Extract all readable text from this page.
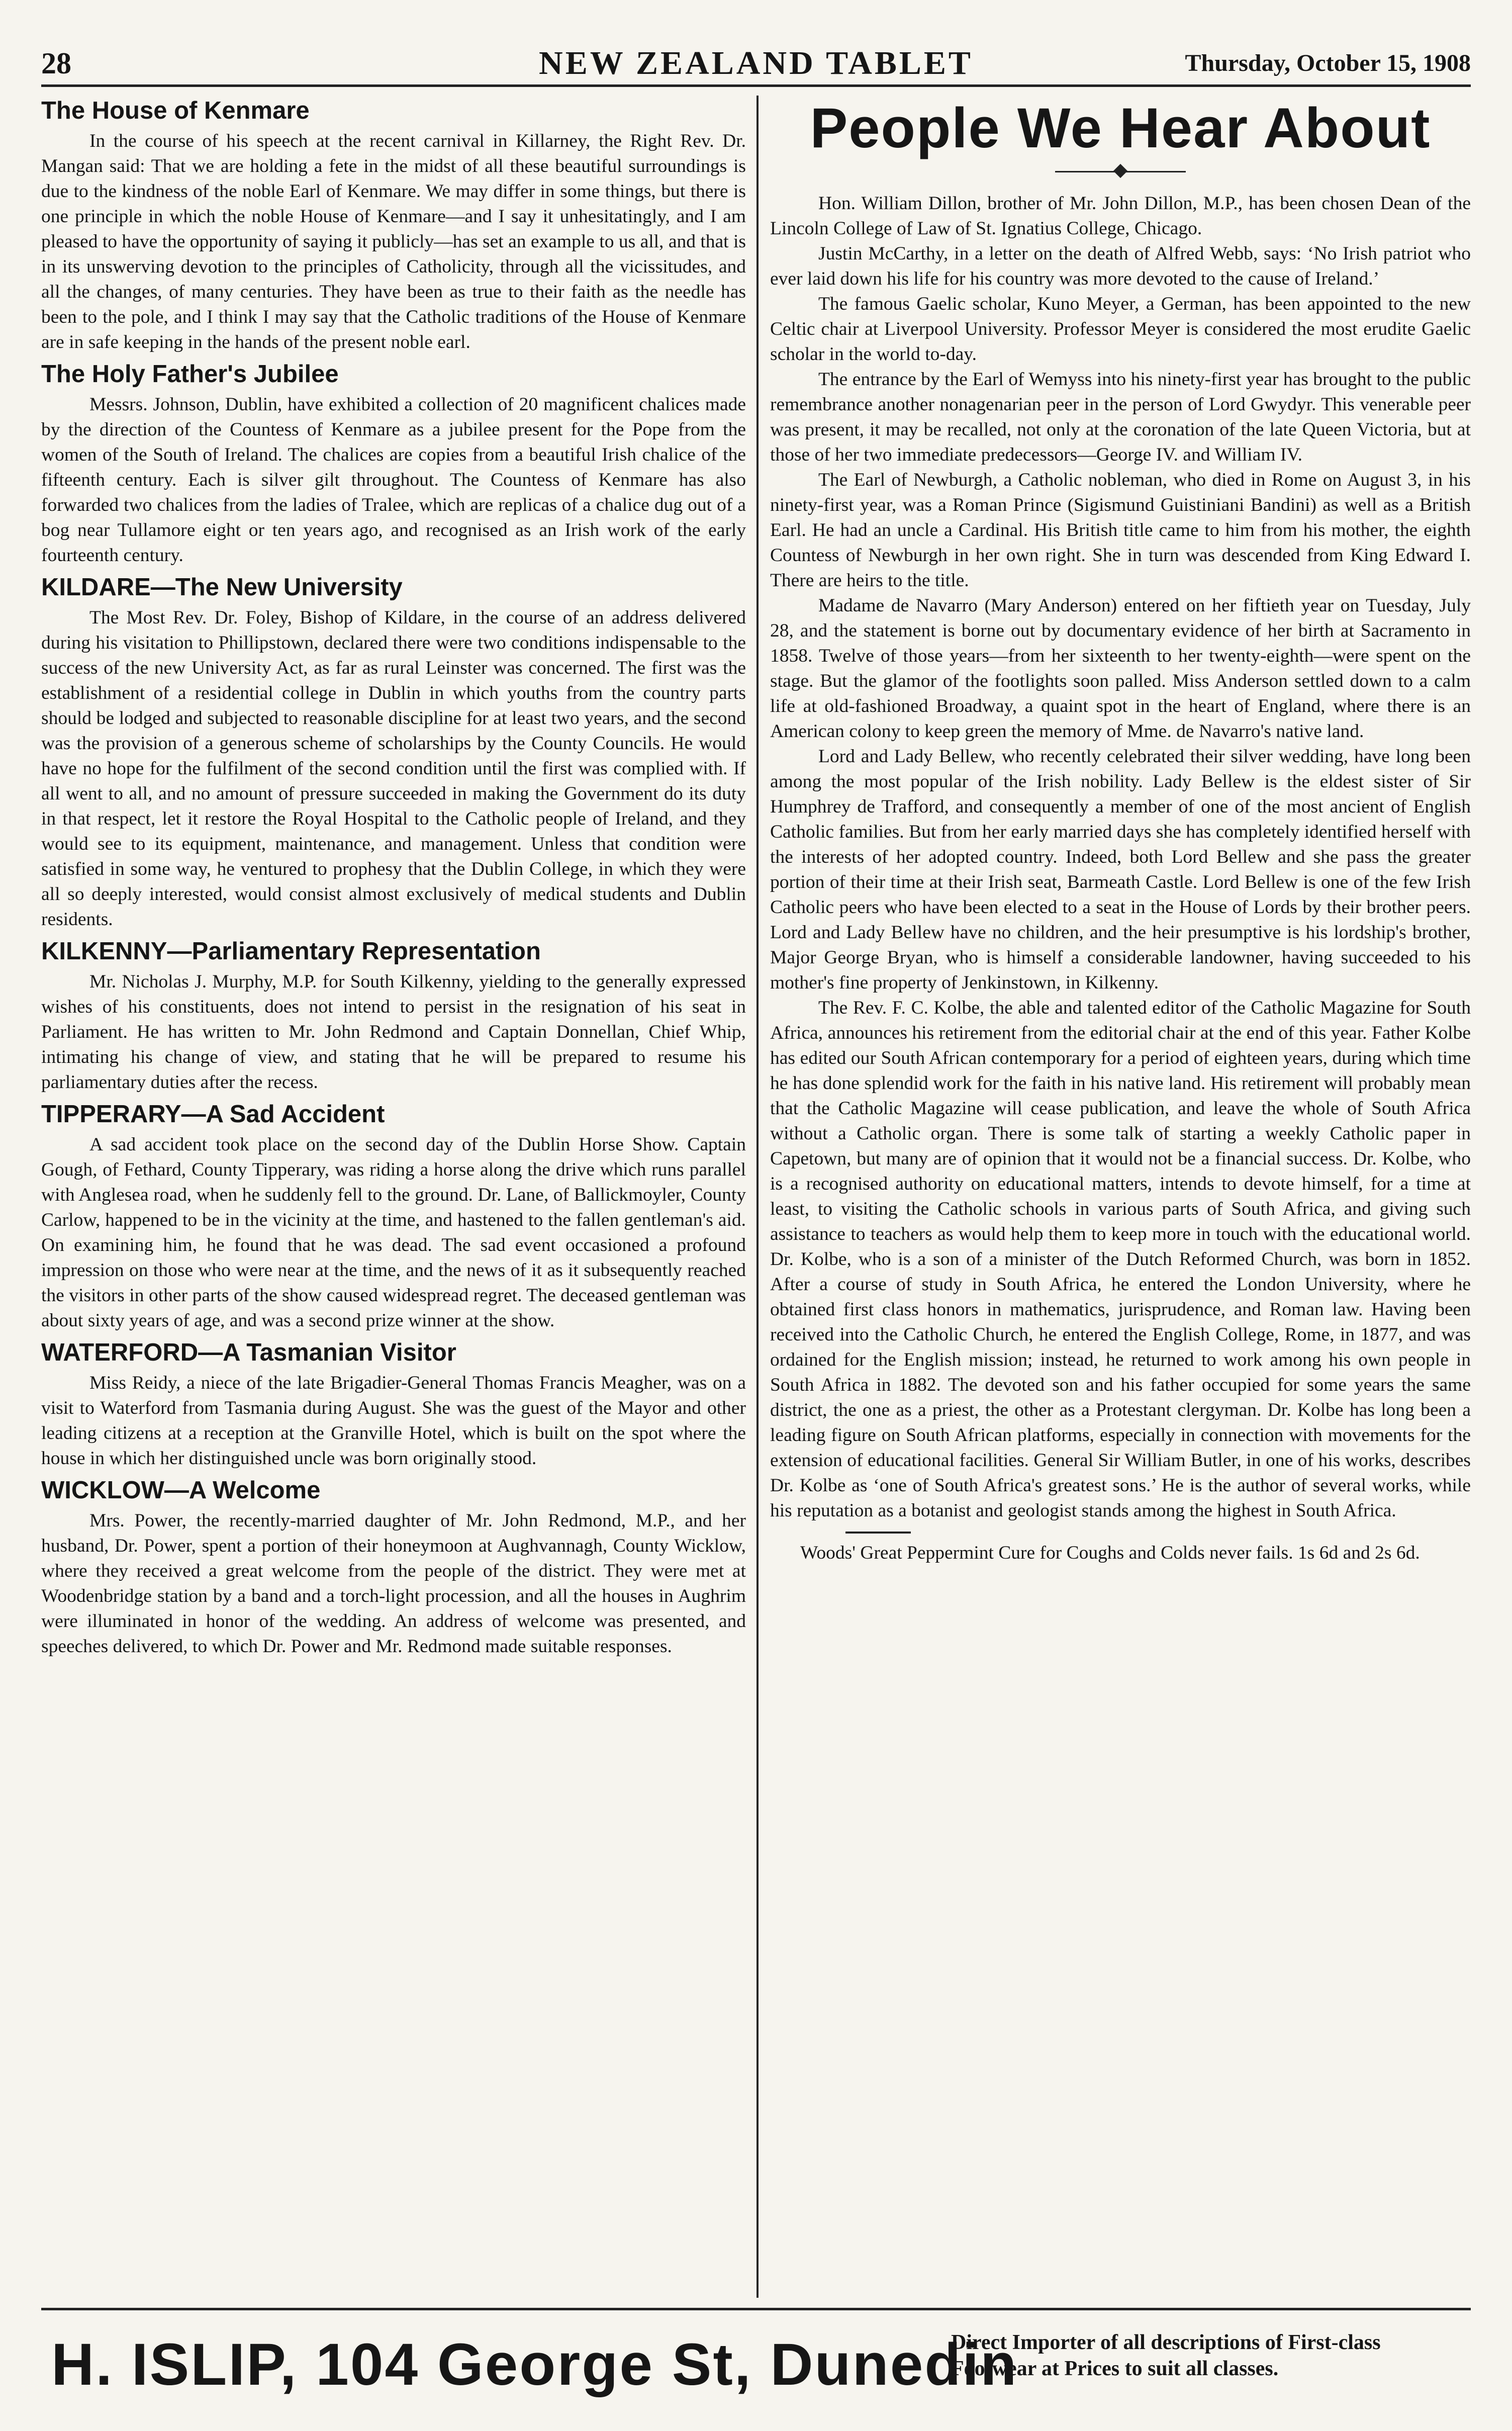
28	NEW ZEALAND TABLET	Thursday, October 15, 1908
The House of Kenmare

In the course of his speech at the recent carnival in Killarney, the Right Rev. Dr. Mangan said: That we are holding a fete in the midst of all these beautiful surroundings is due to the kindness of the noble Earl of Kenmare. We may differ in some things, but there is one principle in which the noble House of Kenmare—and I say it unhesitatingly, and I am pleased to have the opportunity of saying it publicly—has set an example to us all, and that is in its unswerving devotion to the principles of Catholicity, through all the vicissitudes, and all the changes, of many centuries. They have been as true to their faith as the needle has been to the pole, and I think I may say that the Catholic traditions of the House of Kenmare are in safe keeping in the hands of the present noble earl.

The Holy Father's Jubilee

Messrs. Johnson, Dublin, have exhibited a collection of 20 magnificent chalices made by the direction of the Countess of Kenmare as a jubilee present for the Pope from the women of the South of Ireland. The chalices are copies from a beautiful Irish chalice of the fifteenth century. Each is silver gilt throughout. The Countess of Kenmare has also forwarded two chalices from the ladies of Tralee, which are replicas of a chalice dug out of a bog near Tullamore eight or ten years ago, and recognised as an Irish work of the early fourteenth century.

KILDARE—The New University

The Most Rev. Dr. Foley, Bishop of Kildare, in the course of an address delivered during his visitation to Phillipstown, declared there were two conditions indispensable to the success of the new University Act, as far as rural Leinster was concerned. The first was the establishment of a residential college in Dublin in which youths from the country parts should be lodged and subjected to reasonable discipline for at least two years, and the second was the provision of a generous scheme of scholarships by the County Councils. He would have no hope for the fulfilment of the second condition until the first was complied with. If all went to all, and no amount of pressure succeeded in making the Government do its duty in that respect, let it restore the Royal Hospital to the Catholic people of Ireland, and they would see to its equipment, maintenance, and management. Unless that condition were satisfied in some way, he ventured to prophesy that the Dublin College, in which they were all so deeply interested, would consist almost exclusively of medical students and Dublin residents.

KILKENNY—Parliamentary Representation

Mr. Nicholas J. Murphy, M.P. for South Kilkenny, yielding to the generally expressed wishes of his constituents, does not intend to persist in the resignation of his seat in Parliament. He has written to Mr. John Redmond and Captain Donnellan, Chief Whip, intimating his change of view, and stating that he will be prepared to resume his parliamentary duties after the recess.

TIPPERARY—A Sad Accident

A sad accident took place on the second day of the Dublin Horse Show. Captain Gough, of Fethard, County Tipperary, was riding a horse along the drive which runs parallel with Anglesea road, when he suddenly fell to the ground. Dr. Lane, of Ballickmoyler, County Carlow, happened to be in the vicinity at the time, and hastened to the fallen gentleman's aid. On examining him, he found that he was dead. The sad event occasioned a profound impression on those who were near at the time, and the news of it as it subsequently reached the visitors in other parts of the show caused widespread regret. The deceased gentleman was about sixty years of age, and was a second prize winner at the show.

WATERFORD—A Tasmanian Visitor

Miss Reidy, a niece of the late Brigadier-General Thomas Francis Meagher, was on a visit to Waterford from Tasmania during August. She was the guest of the Mayor and other leading citizens at a reception at the Granville Hotel, which is built on the spot where the house in which her distinguished uncle was born originally stood.

WICKLOW—A Welcome

Mrs. Power, the recently-married daughter of Mr. John Redmond, M.P., and her husband, Dr. Power, spent a portion of their honeymoon at Aughvannagh, County Wicklow, where they received a great welcome from the people of the district. They were met at Woodenbridge station by a band and a torch-light procession, and all the houses in Aughrim were illuminated in honor of the wedding. An address of welcome was presented, and speeches delivered, to which Dr. Power and Mr. Redmond made suitable responses.

People We Hear About

Hon. William Dillon, brother of Mr. John Dillon, M.P., has been chosen Dean of the Lincoln College of Law of St. Ignatius College, Chicago.

Justin McCarthy, in a letter on the death of Alfred Webb, says: ‘No Irish patriot who ever laid down his life for his country was more devoted to the cause of Ireland.’

The famous Gaelic scholar, Kuno Meyer, a German, has been appointed to the new Celtic chair at Liverpool University. Professor Meyer is considered the most erudite Gaelic scholar in the world to-day.

The entrance by the Earl of Wemyss into his ninety-first year has brought to the public remembrance another nonagenarian peer in the person of Lord Gwydyr. This venerable peer was present, it may be recalled, not only at the coronation of the late Queen Victoria, but at those of her two immediate predecessors—George IV. and William IV.

The Earl of Newburgh, a Catholic nobleman, who died in Rome on August 3, in his ninety-first year, was a Roman Prince (Sigismund Guistiniani Bandini) as well as a British Earl. He had an uncle a Cardinal. His British title came to him from his mother, the eighth Countess of Newburgh in her own right. She in turn was descended from King Edward I. There are heirs to the title.

Madame de Navarro (Mary Anderson) entered on her fiftieth year on Tuesday, July 28, and the statement is borne out by documentary evidence of her birth at Sacramento in 1858. Twelve of those years—from her sixteenth to her twenty-eighth—were spent on the stage. But the glamor of the footlights soon palled. Miss Anderson settled down to a calm life at old-fashioned Broadway, a quaint spot in the heart of England, where there is an American colony to keep green the memory of Mme. de Navarro's native land.

Lord and Lady Bellew, who recently celebrated their silver wedding, have long been among the most popular of the Irish nobility. Lady Bellew is the eldest sister of Sir Humphrey de Trafford, and consequently a member of one of the most ancient of English Catholic families. But from her early married days she has completely identified herself with the interests of her adopted country. Indeed, both Lord Bellew and she pass the greater portion of their time at their Irish seat, Barmeath Castle. Lord Bellew is one of the few Irish Catholic peers who have been elected to a seat in the House of Lords by their brother peers. Lord and Lady Bellew have no children, and the heir presumptive is his lordship's brother, Major George Bryan, who is himself a considerable landowner, having succeeded to his mother's fine property of Jenkinstown, in Kilkenny.

The Rev. F. C. Kolbe, the able and talented editor of the Catholic Magazine for South Africa, announces his retirement from the editorial chair at the end of this year. Father Kolbe has edited our South African contemporary for a period of eighteen years, during which time he has done splendid work for the faith in his native land. His retirement will probably mean that the Catholic Magazine will cease publication, and leave the whole of South Africa without a Catholic organ. There is some talk of starting a weekly Catholic paper in Capetown, but many are of opinion that it would not be a financial success. Dr. Kolbe, who is a recognised authority on educational matters, intends to devote himself, for a time at least, to visiting the Catholic schools in various parts of South Africa, and giving such assistance to teachers as would help them to keep more in touch with the educational world. Dr. Kolbe, who is a son of a minister of the Dutch Reformed Church, was born in 1852. After a course of study in South Africa, he entered the London University, where he obtained first class honors in mathematics, jurisprudence, and Roman law. Having been received into the Catholic Church, he entered the English College, Rome, in 1877, and was ordained for the English mission; instead, he returned to work among his own people in South Africa in 1882. The devoted son and his father occupied for some years the same district, the one as a priest, the other as a Protestant clergyman. Dr. Kolbe has long been a leading figure on South African platforms, especially in connection with movements for the extension of educational facilities. General Sir William Butler, in one of his works, describes Dr. Kolbe as ‘one of South Africa's greatest sons.’ He is the author of several works, while his reputation as a botanist and geologist stands among the highest in South Africa.

Woods' Great Peppermint Cure for Coughs and Colds never fails. 1s 6d and 2s 6d.

H. ISLIP, 104 George St, Dunedin
Direct Importer of all descriptions of First-class
Footwear at Prices to suit all classes.
